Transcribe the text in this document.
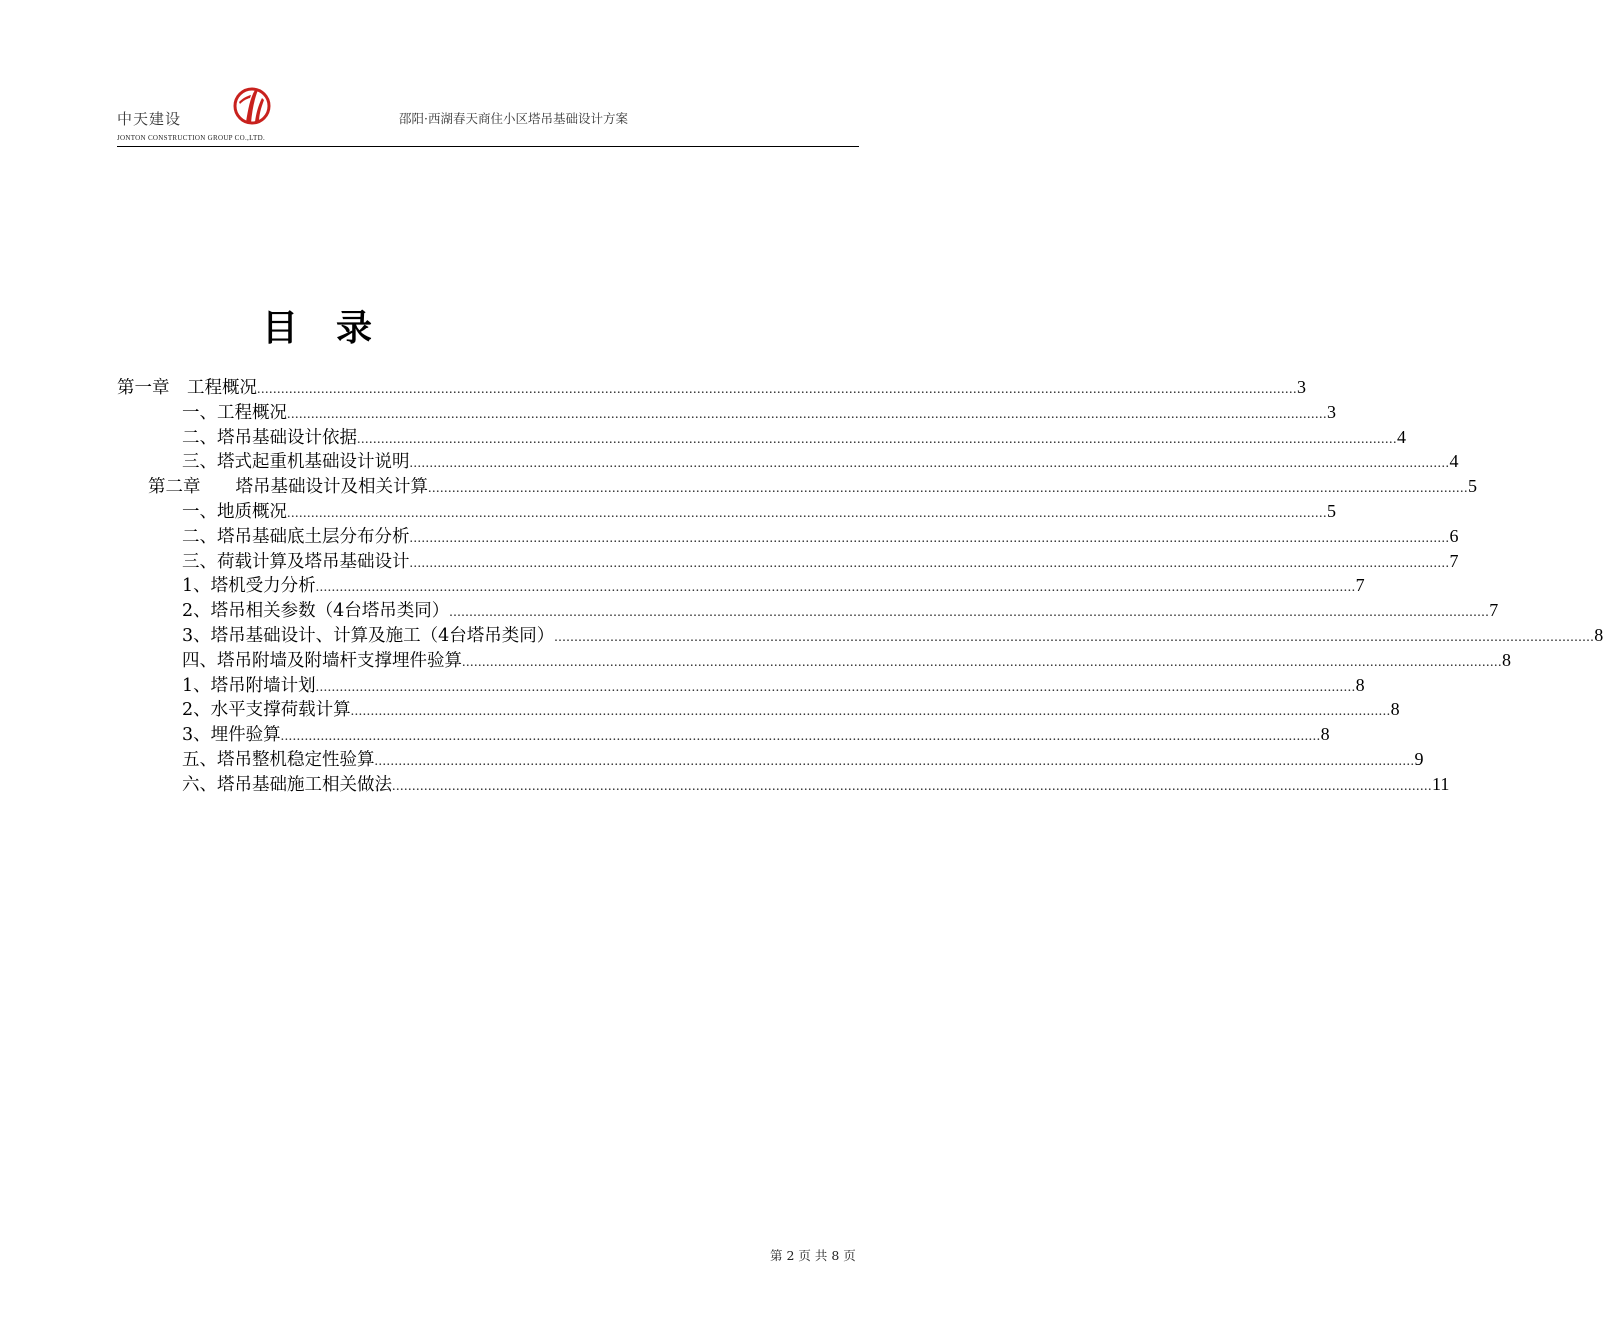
中天建设
JONTON CONSTRUCTION GROUP CO.,LTD.
邵阳·西湖春天商住小区塔吊基础设计方案
目录
第一章　工程概况 .................................................................................................................................................................................................................................................................... 3
一、工程概况 .................................................................................................................................................................................................................................................................... 3
二、塔吊基础设计依据 .................................................................................................................................................................................................................................................................... 4
三、塔式起重机基础设计说明 .................................................................................................................................................................................................................................................................... 4
第二章　　塔吊基础设计及相关计算 .................................................................................................................................................................................................................................................................... 5
一、地质概况 .................................................................................................................................................................................................................................................................... 5
二、塔吊基础底土层分布分析 .................................................................................................................................................................................................................................................................... 6
三、荷载计算及塔吊基础设计 .................................................................................................................................................................................................................................................................... 7
1、塔机受力分析 .................................................................................................................................................................................................................................................................... 7
2、塔吊相关参数（4台塔吊类同） .................................................................................................................................................................................................................................................................... 7
3、塔吊基础设计、计算及施工（4台塔吊类同） .................................................................................................................................................................................................................................................................... 8
四、塔吊附墙及附墙杆支撑埋件验算 .................................................................................................................................................................................................................................................................... 8
1、塔吊附墙计划 .................................................................................................................................................................................................................................................................... 8
2、水平支撑荷载计算 .................................................................................................................................................................................................................................................................... 8
3、埋件验算 .................................................................................................................................................................................................................................................................... 8
五、塔吊整机稳定性验算 .................................................................................................................................................................................................................................................................... 9
六、塔吊基础施工相关做法 .................................................................................................................................................................................................................................................................... 11
第 2 页 共 8 页
